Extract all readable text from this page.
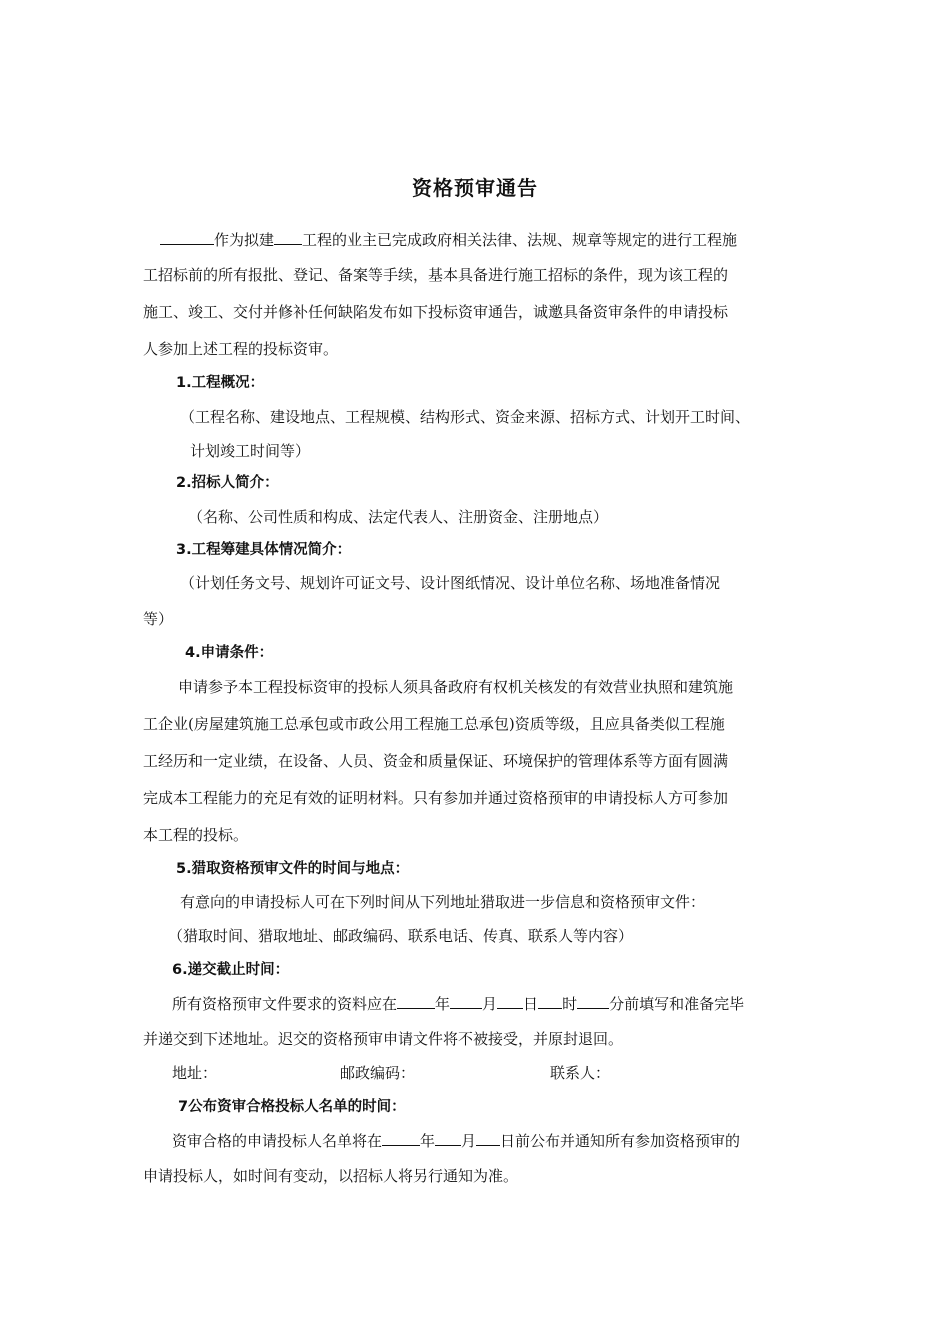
资格预审通告
作为拟建 工程的业主已完成政府相关法律、法规、规章等规定的进行工程施
工招标前的所有报批、登记、备案等手续，基本具备进行施工招标的条件，现为该工程的
施工、竣工、交付并修补任何缺陷发布如下投标资审通告，诚邀具备资审条件的申请投标
人参加上述工程的投标资审。
1.工程概况：
（工程名称、建设地点、工程规模、结构形式、资金来源、招标方式、计划开工时间、
计划竣工时间等）
2.招标人简介：
（名称、公司性质和构成、法定代表人、注册资金、注册地点）
3.工程筹建具体情况简介：
（计划任务文号、规划许可证文号、设计图纸情况、设计单位名称、场地准备情况
等）
4.申请条件：
申请参予本工程投标资审的投标人须具备政府有权机关核发的有效营业执照和建筑施
工企业(房屋建筑施工总承包或市政公用工程施工总承包)资质等级，且应具备类似工程施
工经历和一定业绩，在设备、人员、资金和质量保证、环境保护的管理体系等方面有圆满
完成本工程能力的充足有效的证明材料。只有参加并通过资格预审的申请投标人方可参加
本工程的投标。
5.猎取资格预审文件的时间与地点：
有意向的申请投标人可在下列时间从下列地址猎取进一步信息和资格预审文件：
（猎取时间、猎取地址、邮政编码、联系电话、传真、联系人等内容）
6.递交截止时间：
所有资格预审文件要求的资料应在	年 月 日 时 分前填写和准备完毕
并递交到下述地址。迟交的资格预审申请文件将不被接受，并原封退回。
地址：	邮政编码：	联系人：
7公布资审合格投标人名单的时间：
资审合格的申请投标人名单将在	年 月 日前公布并通知所有参加资格预审的
申请投标人，如时间有变动，以招标人将另行通知为准。
